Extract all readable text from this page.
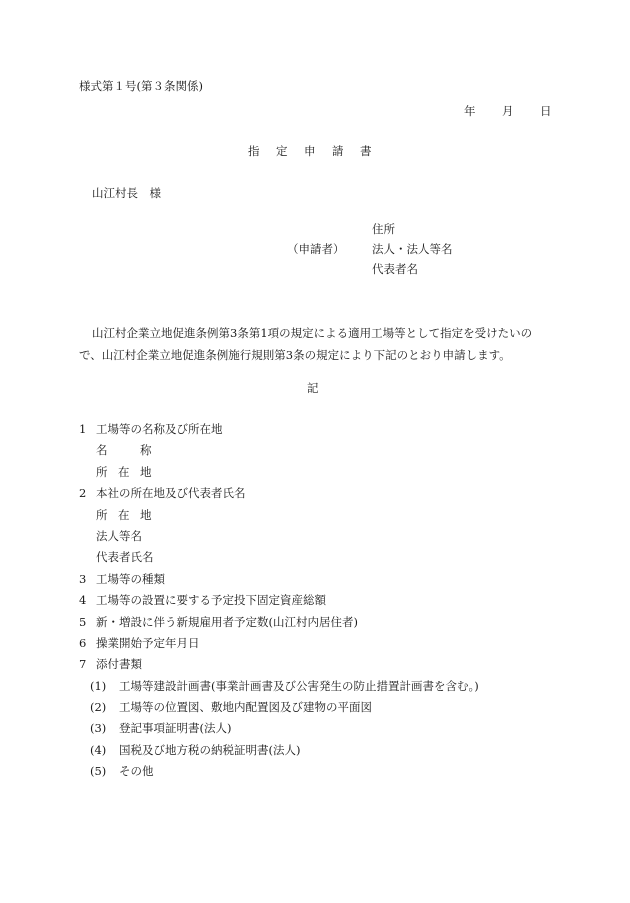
様式第１号(第３条関係)
年 月 日
指 定 申 請 書
山江村長　様
（申請者）
住所
法人・法人等名
代表者名
山江村企業立地促進条例第3条第1項の規定による適用工場等として指定を受けたいので、山江村企業立地促進条例施行規則第3条の規定により下記のとおり申請します。
記
1 工場等の名称及び所在地
名	称
所 在 地
2 本社の所在地及び代表者氏名
所 在 地
法人等名
代表者氏名
3 工場等の種類
4 工場等の設置に要する予定投下固定資産総額
5 新・増設に伴う新規雇用者予定数(山江村内居住者)
6 操業開始予定年月日
7 添付書類
(1) 工場等建設計画書(事業計画書及び公害発生の防止措置計画書を含む。)
(2) 工場等の位置図、敷地内配置図及び建物の平面図
(3) 登記事項証明書(法人)
(4) 国税及び地方税の納税証明書(法人)
(5) その他
